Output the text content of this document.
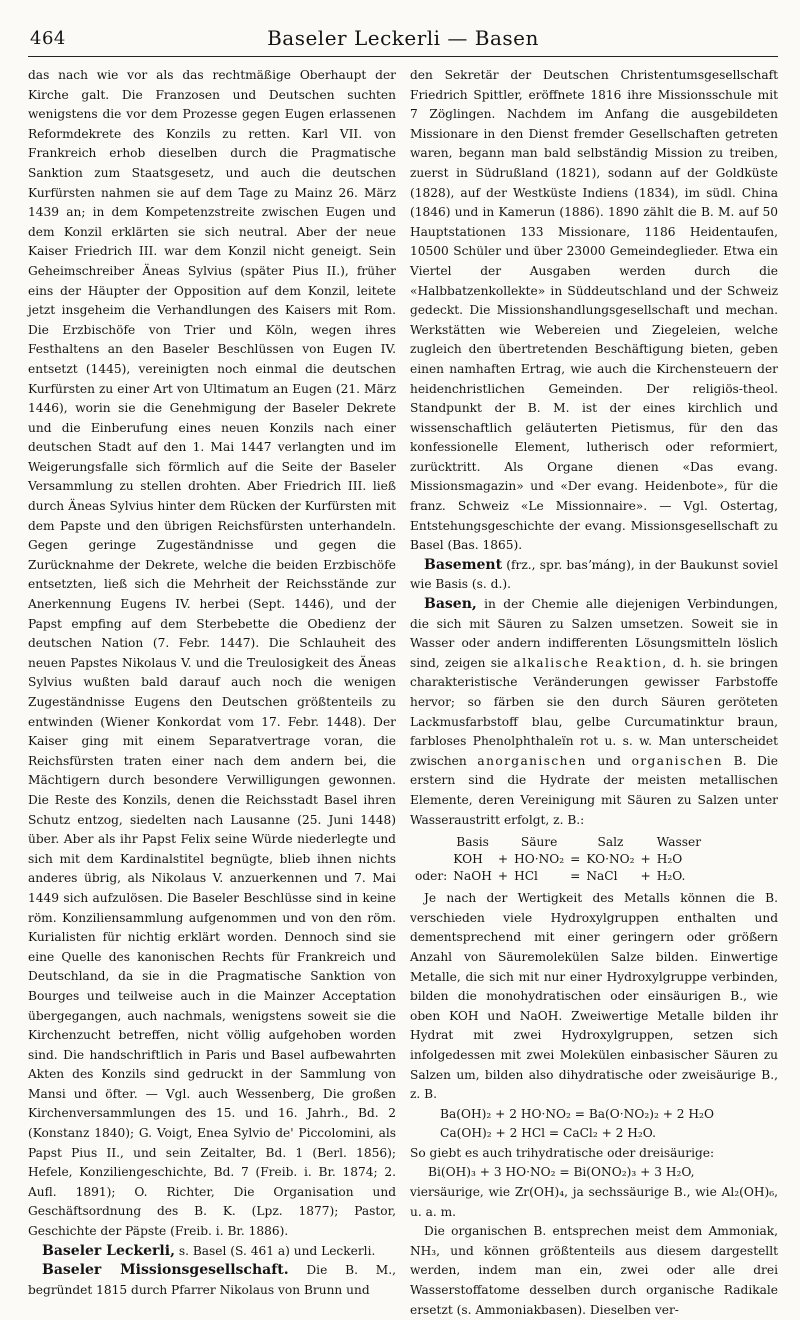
464	Baseler Leckerli — Basen

das nach wie vor als das rechtmäßige Oberhaupt der Kirche galt. Die Franzosen und Deutschen suchten wenigstens die vor dem Prozesse gegen Eugen erlassenen Reformdekrete des Konzils zu retten. Karl VII. von Frankreich erhob dieselben durch die Pragmatische Sanktion zum Staatsgesetz, und auch die deutschen Kurfürsten nahmen sie auf dem Tage zu Mainz 26. März 1439 an; in dem Kompetenzstreite zwischen Eugen und dem Konzil erklärten sie sich neutral. Aber der neue Kaiser Friedrich III. war dem Konzil nicht geneigt. Sein Geheimschreiber Äneas Sylvius (später Pius II.), früher eins der Häupter der Opposition auf dem Konzil, leitete jetzt insgeheim die Verhandlungen des Kaisers mit Rom. Die Erzbischöfe von Trier und Köln, wegen ihres Festhaltens an den Baseler Beschlüssen von Eugen IV. entsetzt (1445), vereinigten noch einmal die deutschen Kurfürsten zu einer Art von Ultimatum an Eugen (21. März 1446), worin sie die Genehmigung der Baseler Dekrete und die Einberufung eines neuen Konzils nach einer deutschen Stadt auf den 1. Mai 1447 verlangten und im Weigerungsfalle sich förmlich auf die Seite der Baseler Versammlung zu stellen drohten. Aber Friedrich III. ließ durch Äneas Sylvius hinter dem Rücken der Kurfürsten mit dem Papste und den übrigen Reichsfürsten unterhandeln. Gegen geringe Zugeständnisse und gegen die Zurücknahme der Dekrete, welche die beiden Erzbischöfe entsetzten, ließ sich die Mehrheit der Reichsstände zur Anerkennung Eugens IV. herbei (Sept. 1446), und der Papst empfing auf dem Sterbebette die Obedienz der deutschen Nation (7. Febr. 1447). Die Schlauheit des neuen Papstes Nikolaus V. und die Treulosigkeit des Äneas Sylvius wußten bald darauf auch noch die wenigen Zugeständnisse Eugens den Deutschen größtenteils zu entwinden (Wiener Konkordat vom 17. Febr. 1448). Der Kaiser ging mit einem Separatvertrage voran, die Reichsfürsten traten einer nach dem andern bei, die Mächtigern durch besondere Verwilligungen gewonnen. Die Reste des Konzils, denen die Reichsstadt Basel ihren Schutz entzog, siedelten nach Lausanne (25. Juni 1448) über. Aber als ihr Papst Felix seine Würde niederlegte und sich mit dem Kardinalstitel begnügte, blieb ihnen nichts anderes übrig, als Nikolaus V. anzuerkennen und 7. Mai 1449 sich aufzulösen. Die Baseler Beschlüsse sind in keine röm. Konziliensammlung aufgenommen und von den röm. Kurialisten für nichtig erklärt worden. Dennoch sind sie eine Quelle des kanonischen Rechts für Frankreich und Deutschland, da sie in die Pragmatische Sanktion von Bourges und teilweise auch in die Mainzer Acceptation übergegangen, auch nachmals, wenigstens soweit sie die Kirchenzucht betreffen, nicht völlig aufgehoben worden sind. Die handschriftlich in Paris und Basel aufbewahrten Akten des Konzils sind gedruckt in der Sammlung von Mansi und öfter. — Vgl. auch Wessenberg, Die großen Kirchenversammlungen des 15. und 16. Jahrh., Bd. 2 (Konstanz 1840); G. Voigt, Enea Sylvio de' Piccolomini, als Papst Pius II., und sein Zeitalter, Bd. 1 (Berl. 1856); Hefele, Konziliengeschichte, Bd. 7 (Freib. i. Br. 1874; 2. Aufl. 1891); O. Richter, Die Organisation und Geschäftsordnung des B. K. (Lpz. 1877); Pastor, Geschichte der Päpste (Freib. i. Br. 1886).

Baseler Leckerli, s. Basel (S. 461 a) und Leckerli.

Baseler Missionsgesellschaft. Die B. M., begründet 1815 durch Pfarrer Nikolaus von Brunn und

den Sekretär der Deutschen Christentumsgesellschaft Friedrich Spittler, eröffnete 1816 ihre Missionsschule mit 7 Zöglingen. Nachdem im Anfang die ausgebildeten Missionare in den Dienst fremder Gesellschaften getreten waren, begann man bald selbständig Mission zu treiben, zuerst in Südrußland (1821), sodann auf der Goldküste (1828), auf der Westküste Indiens (1834), im südl. China (1846) und in Kamerun (1886). 1890 zählt die B. M. auf 50 Hauptstationen 133 Missionare, 1186 Heidentaufen, 10500 Schüler und über 23000 Gemeindeglieder. Etwa ein Viertel der Ausgaben werden durch die «Halbbatzenkollekte» in Süddeutschland und der Schweiz gedeckt. Die Missionshandlungsgesellschaft und mechan. Werkstätten wie Webereien und Ziegeleien, welche zugleich den übertretenden Beschäftigung bieten, geben einen namhaften Ertrag, wie auch die Kirchensteuern der heidenchristlichen Gemeinden. Der religiös-theol. Standpunkt der B. M. ist der eines kirchlich und wissenschaftlich geläuterten Pietismus, für den das konfessionelle Element, lutherisch oder reformiert, zurücktritt. Als Organe dienen «Das evang. Missionsmagazin» und «Der evang. Heidenbote», für die franz. Schweiz «Le Missionnaire». — Vgl. Ostertag, Entstehungsgeschichte der evang. Missionsgesellschaft zu Basel (Bas. 1865).

Basement (frz., spr. basʼmáng), in der Baukunst soviel wie Basis (s. d.).

Basen, in der Chemie alle diejenigen Verbindungen, die sich mit Säuren zu Salzen umsetzen. Soweit sie in Wasser oder andern indifferenten Lösungsmitteln löslich sind, zeigen sie alkalische Reaktion, d. h. sie bringen charakteristische Veränderungen gewisser Farbstoffe hervor; so färben sie den durch Säuren geröteten Lackmusfarbstoff blau, gelbe Curcumatinktur braun, farbloses Phenolphthaleïn rot u. s. w. Man unterscheidet zwischen anorganischen und organischen B. Die erstern sind die Hydrate der meisten metallischen Elemente, deren Vereinigung mit Säuren zu Salzen unter Wasseraustritt erfolgt, z. B.:

	Basis		Säure		Salz		Wasser
	KOH	+	HO·NO₂	=	KO·NO₂	+	H₂O
oder:	NaOH	+	HCl	=	NaCl	+	H₂O.

Je nach der Wertigkeit des Metalls können die B. verschieden viele Hydroxylgruppen enthalten und dementsprechend mit einer geringern oder größern Anzahl von Säuremolekülen Salze bilden. Einwertige Metalle, die sich mit nur einer Hydroxylgruppe verbinden, bilden die monohydratischen oder einsäurigen B., wie oben KOH und NaOH. Zweiwertige Metalle bilden ihr Hydrat mit zwei Hydroxylgruppen, setzen sich infolgedessen mit zwei Molekülen einbasischer Säuren zu Salzen um, bilden also dihydratische oder zweisäurige B., z. B.

Ba(OH)₂ + 2 HO·NO₂ = Ba(O·NO₂)₂ + 2 H₂O
Ca(OH)₂ + 2 HCl = CaCl₂ + 2 H₂O.

So giebt es auch trihydratische oder dreisäurige:

Bi(OH)₃ + 3 HO·NO₂ = Bi(ONO₂)₃ + 3 H₂O,

viersäurige, wie Zr(OH)₄, ja sechssäurige B., wie Al₂(OH)₆, u. a. m.

Die organischen B. entsprechen meist dem Ammoniak, NH₃, und können größtenteils aus diesem dargestellt werden, indem man ein, zwei oder alle drei Wasserstoffatome desselben durch organische Radikale ersetzt (s. Ammoniakbasen). Dieselben ver-
